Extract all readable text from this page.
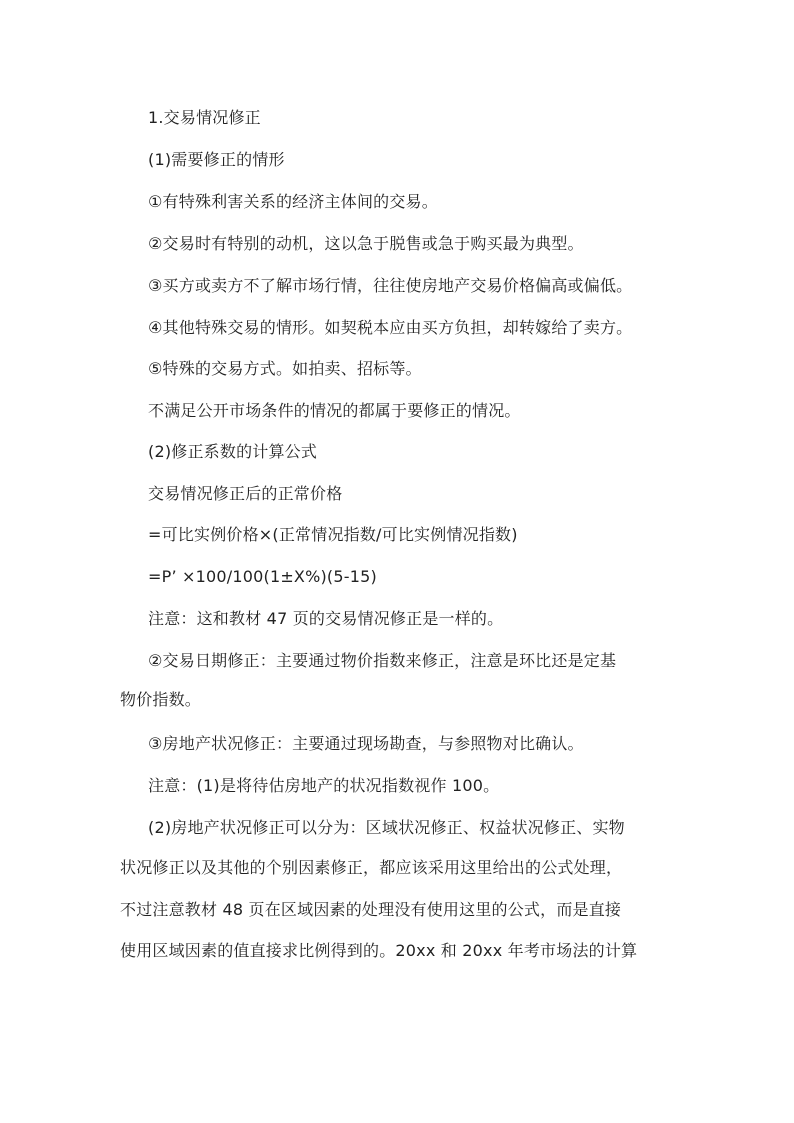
1.交易情况修正
(1)需要修正的情形
①有特殊利害关系的经济主体间的交易。
②交易时有特别的动机，这以急于脱售或急于购买最为典型。
③买方或卖方不了解市场行情，往往使房地产交易价格偏高或偏低。
④其他特殊交易的情形。如契税本应由买方负担，却转嫁给了卖方。
⑤特殊的交易方式。如拍卖、招标等。
不满足公开市场条件的情况的都属于要修正的情况。
(2)修正系数的计算公式
交易情况修正后的正常价格
=可比实例价格×(正常情况指数/可比实例情况指数)
=P’ ×100/100(1±X%)(5-15)
注意：这和教材 47 页的交易情况修正是一样的。
②交易日期修正：主要通过物价指数来修正，注意是环比还是定基
物价指数。
③房地产状况修正：主要通过现场勘查，与参照物对比确认。
注意：(1)是将待估房地产的状况指数视作 100。
(2)房地产状况修正可以分为：区域状况修正、权益状况修正、实物
状况修正以及其他的个别因素修正，都应该采用这里给出的公式处理，
不过注意教材 48 页在区域因素的处理没有使用这里的公式，而是直接
使用区域因素的值直接求比例得到的。20xx 和 20xx 年考市场法的计算
